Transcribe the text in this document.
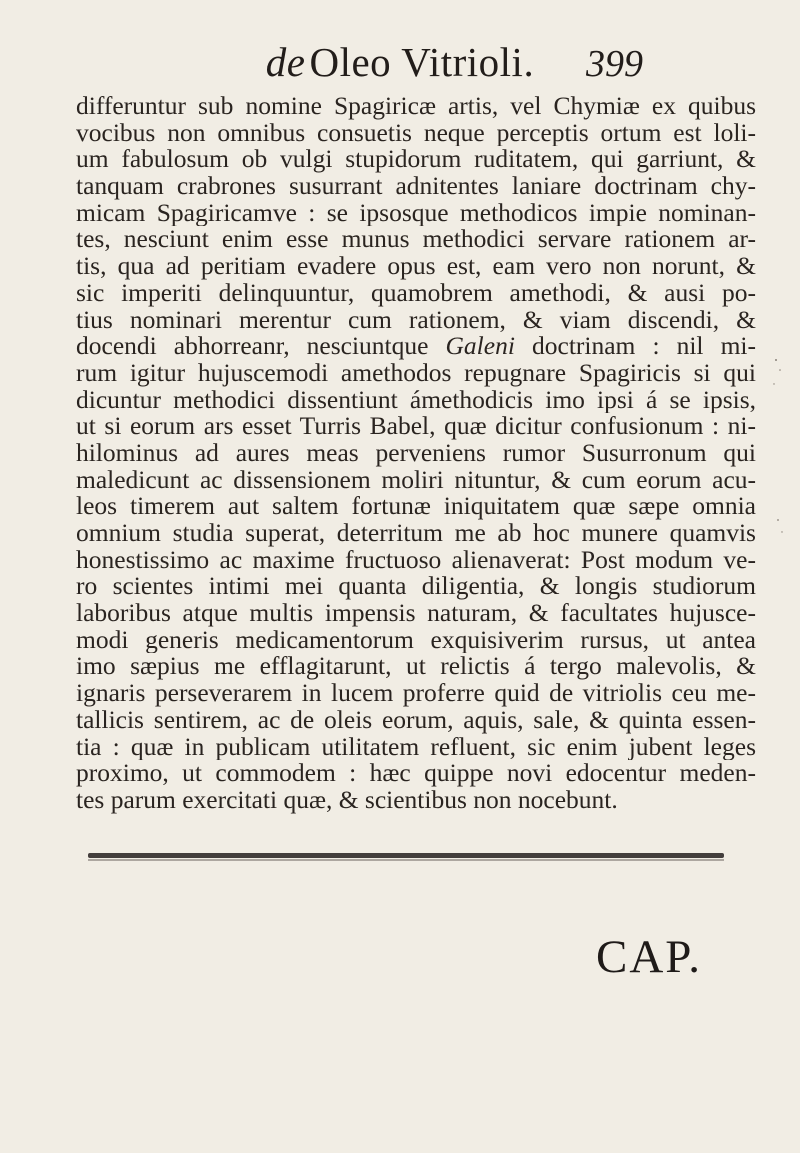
deOleo Vitrioli.	399
differuntur sub nomine Spagiricæ artis, vel Chymiæ ex quibus
vocibus non omnibus consuetis neque perceptis ortum est loli-
um fabulosum ob vulgi stupidorum ruditatem, qui garriunt, &
tanquam crabrones susurrant adnitentes laniare doctrinam chy-
micam Spagiricamve : se ipsosque methodicos impie nominan-
tes, nesciunt enim esse munus methodici servare rationem ar-
tis, qua ad peritiam evadere opus est, eam vero non norunt, &
sic imperiti delinquuntur, quamobrem amethodi, & ausi po-
tius nominari merentur cum rationem, & viam discendi, &
docendi abhorreanr, nesciuntque Galeni doctrinam : nil mi-
rum igitur hujuscemodi amethodos repugnare Spagiricis si qui
dicuntur methodici dissentiunt ámethodicis imo ipsi á se ipsis,
ut si eorum ars esset Turris Babel, quæ dicitur confusionum : ni-
hilominus ad aures meas perveniens rumor Susurronum qui
maledicunt ac dissensionem moliri nituntur, & cum eorum acu-
leos timerem aut saltem fortunæ iniquitatem quæ sæpe omnia
omnium studia superat, deterritum me ab hoc munere quamvis
honestissimo ac maxime fructuoso alienaverat: Post modum ve-
ro scientes intimi mei quanta diligentia, & longis studiorum
laboribus atque multis impensis naturam, & facultates hujusce-
modi generis medicamentorum exquisiverim rursus, ut antea
imo sæpius me efflagitarunt, ut relictis á tergo malevolis, &
ignaris perseverarem in lucem proferre quid de vitriolis ceu me-
tallicis sentirem, ac de oleis eorum, aquis, sale, & quinta essen-
tia : quæ in publicam utilitatem refluent, sic enim jubent leges
proximo, ut commodem : hæc quippe novi edocentur meden-
tes parum exercitati quæ, & scientibus non nocebunt.
CAP.
